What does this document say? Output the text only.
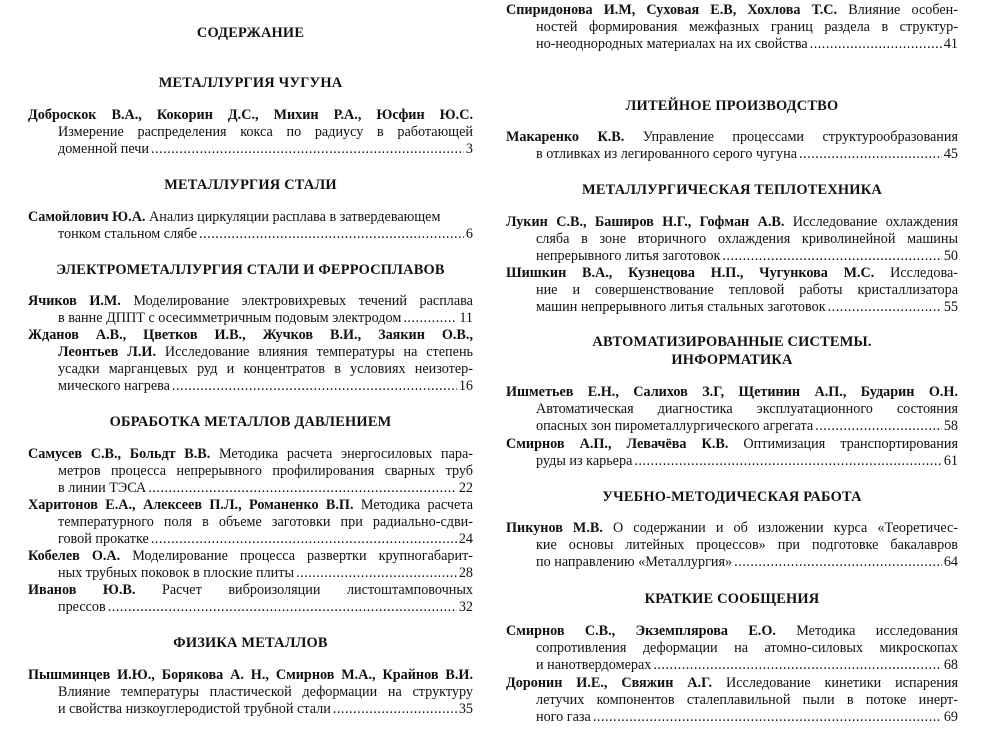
СОДЕРЖАНИЕ
МЕТАЛЛУРГИЯ ЧУГУНА
Доброскок В.А., Кокорин Д.С., Михин Р.А., Юсфин Ю.С.
Измерение распределения кокса по радиусу в работающей
доменной печи .....	3
МЕТАЛЛУРГИЯ СТАЛИ
Самойлович Ю.А. Анализ циркуляции расплава в затвердевающем
тонком стальном слябе .....	6
ЭЛЕКТРОМЕТАЛЛУРГИЯ СТАЛИ И ФЕРРОСПЛАВОВ
Ячиков И.М. Моделирование электровихревых течений расплава
в ванне ДППТ с осесимметричным подовым электродом .....	11
Жданов А.В., Цветков И.В., Жучков В.И., Заякин О.В.,
Леонтьев Л.И. Исследование влияния температуры на степень
усадки марганцевых руд и концентратов в условиях неизотер-
мического нагрева .....	16
ОБРАБОТКА МЕТАЛЛОВ ДАВЛЕНИЕМ
Самусев С.В., Больдт В.В. Методика расчета энергосиловых пара-
метров процесса непрерывного профилирования сварных труб
в линии ТЭСА .....	22
Харитонов Е.А., Алексеев П.Л., Романенко В.П. Методика расчета
температурного поля в объеме заготовки при радиально-сдви-
говой прокатке .....	24
Кобелев О.А. Моделирование процесса развертки крупногабарит-
ных трубных поковок в плоские плиты .....	28
Иванов Ю.В. Расчет виброизоляции листоштамповочных
прессов .....	32
ФИЗИКА МЕТАЛЛОВ
Пышминцев И.Ю., Борякова А. Н., Смирнов М.А., Крайнов В.И.
Влияние температуры пластической деформации на структуру
и свойства низкоуглеродистой трубной стали .....	35
Спиридонова И.М, Суховая Е.В, Хохлова Т.С. Влияние особен-
ностей формирования межфазных границ раздела в структур-
но-неоднородных материалах на их свойства .....	41
ЛИТЕЙНОЕ ПРОИЗВОДСТВО
Макаренко К.В. Управление процессами структурообразования
в отливках из легированного серого чугуна .....	45
МЕТАЛЛУРГИЧЕСКАЯ ТЕПЛОТЕХНИКА
Лукин С.В., Баширов Н.Г., Гофман А.В. Исследование охлаждения
сляба в зоне вторичного охлаждения криволинейной машины
непрерывного литья заготовок .....	50
Шишкин В.А., Кузнецова Н.П., Чугункова М.С. Исследова-
ние и совершенствование тепловой работы кристаллизатора
машин непрерывного литья стальных заготовок .....	55
АВТОМАТИЗИРОВАННЫЕ СИСТЕМЫ.
ИНФОРМАТИКА
Ишметьев Е.Н., Салихов З.Г, Щетинин А.П., Бударин О.Н.
Автоматическая диагностика эксплуатационного состояния
опасных зон пирометаллургического агрегата .....	58
Смирнов А.П., Левачёва К.В. Оптимизация транспортирования
руды из карьера .....	61
УЧЕБНО-МЕТОДИЧЕСКАЯ РАБОТА
Пикунов М.В. О содержании и об изложении курса «Теоретичес-
кие основы литейных процессов» при подготовке бакалавров
по направлению «Металлургия» .....	64
КРАТКИЕ СООБЩЕНИЯ
Смирнов С.В., Экземплярова Е.О. Методика исследования
сопротивления деформации на атомно-силовых микроскопах
и нанотвердомерах .....	68
Доронин И.Е., Свяжин А.Г. Исследование кинетики испарения
летучих компонентов сталеплавильной пыли в потоке инерт-
ного газа .....	69
